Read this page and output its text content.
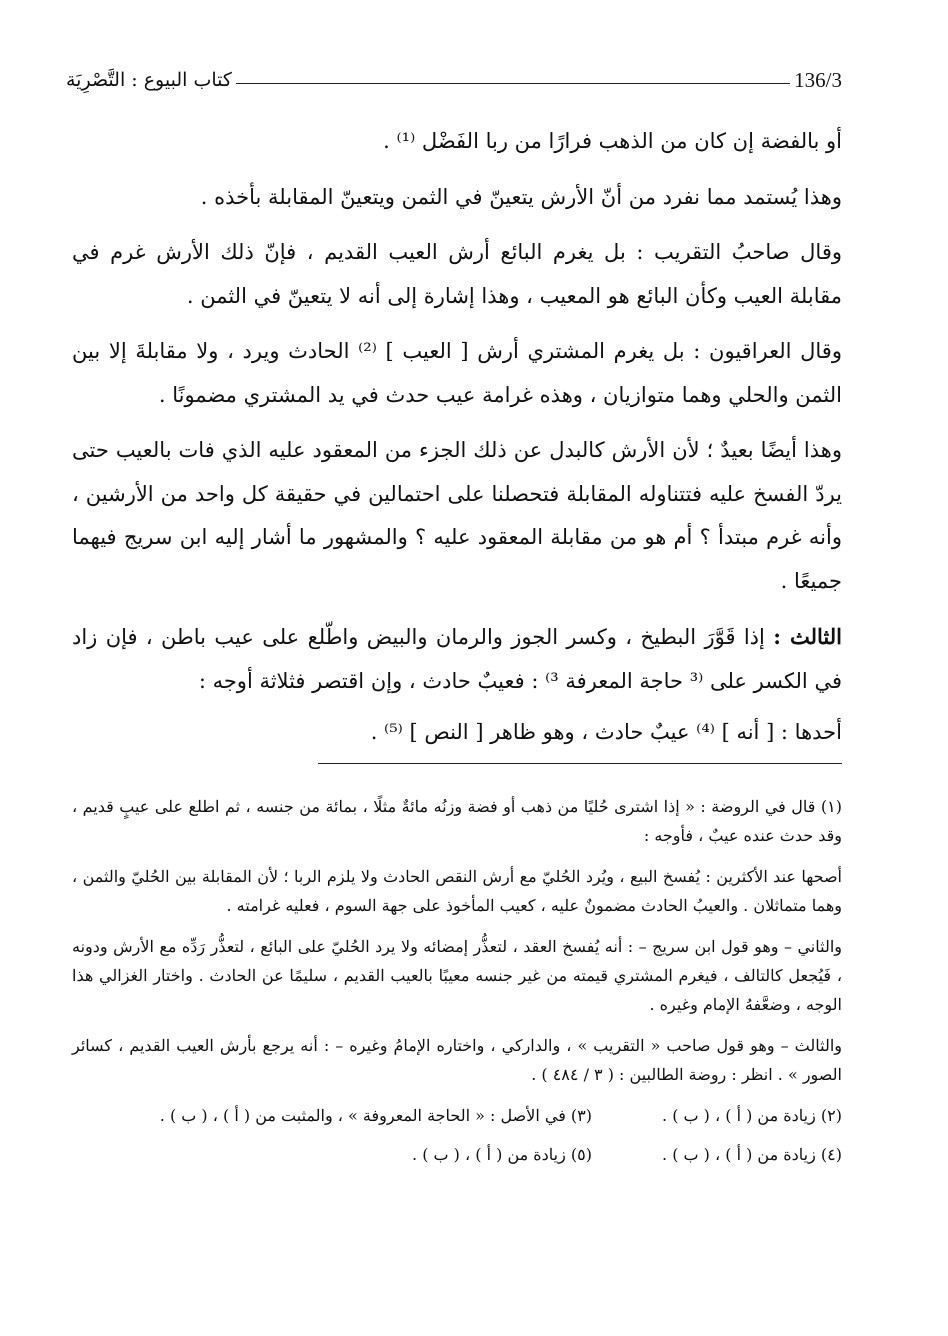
136/3
كتاب البيوع : التَّصْرِيَة

أو بالفضة إن كان من الذهب فرارًا من ربا الفَضْل ⁽¹⁾ .

وهذا يُستمد مما نفرد من أنّ الأرش يتعينّ في الثمن ويتعينّ المقابلة بأخذه .

وقال صاحبُ التقريب : بل يغرم البائع أرش العيب القديم ، فإنّ ذلك الأرش غرم في مقابلة العيب وكأن البائع هو المعيب ، وهذا إشارة إلى أنه لا يتعينّ في الثمن .

وقال العراقيون : بل يغرم المشتري أرش [ العيب ] ⁽²⁾ الحادث ويرد ، ولا مقابلةَ إلا بين الثمن والحلي وهما متوازيان ، وهذه غرامة عيب حدث في يد المشتري مضمونًا .

وهذا أيضًا بعيدٌ ؛ لأن الأرش كالبدل عن ذلك الجزء من المعقود عليه الذي فات بالعيب حتى يردّ الفسخ عليه فتتناوله المقابلة فتحصلنا على احتمالين في حقيقة كل واحد من الأرشين ، وأنه غرم مبتدأ ؟ أم هو من مقابلة المعقود عليه ؟ والمشهور ما أشار إليه ابن سريج فيهما جميعًا .

الثالث : إذا قَوَّرَ البطيخ ، وكسر الجوز والرمان والبيض واطّلع على عيب باطن ، فإن زاد في الكسر على ⁽³ حاجة المعرفة ³⁾ : فعيبٌ حادث ، وإن اقتصر فثلاثة أوجه :

أحدها : [ أنه ] ⁽⁴⁾ عيبٌ حادث ، وهو ظاهر [ النص ] ⁽⁵⁾ .

(١) قال في الروضة : « إذا اشترى حُليًا من ذهب أو فضة وزنُه مائةٌ مثلًا ، بمائة من جنسه ، ثم اطلع على عيبٍ قديم ، وقد حدث عنده عيبٌ ، فأوجه :

أصحها عند الأكثرين : يُفسخ البيع ، ويُرد الحُليّ مع أرش النقص الحادث ولا يلزم الربا ؛ لأن المقابلة بين الحُليّ والثمن ، وهما متماثلان . والعيبُ الحادث مضمونٌ عليه ، كعيب المأخوذ على جهة السوم ، فعليه غرامته .

والثاني – وهو قول ابن سريج – : أنه يُفسخ العقد ، لتعذُّر إمضائه ولا يرد الحُليّ على البائع ، لتعذُّر رَدِّه مع الأرش ودونه ، فَيُجعل كالتالف ، فيغرم المشتري قيمته من غير جنسه معيبًا بالعيب القديم ، سليمًا عن الحادث . واختار الغزالي هذا الوجه ، وضعَّفهُ الإمام وغيره .

والثالث – وهو قول صاحب « التقريب » ، والداركي ، واختاره الإمامُ وغيره – : أنه يرجع بأرش العيب القديم ، كسائر الصور » . انظر : روضة الطالبين : ( ٣ / ٤٨٤ ) .

(٢) زيادة من ( أ ) ، ( ب ) .
(٣) في الأصل : « الحاجة المعروفة » ، والمثبت من ( أ ) ، ( ب ) .
(٤) زيادة من ( أ ) ، ( ب ) .
(٥) زيادة من ( أ ) ، ( ب ) .
